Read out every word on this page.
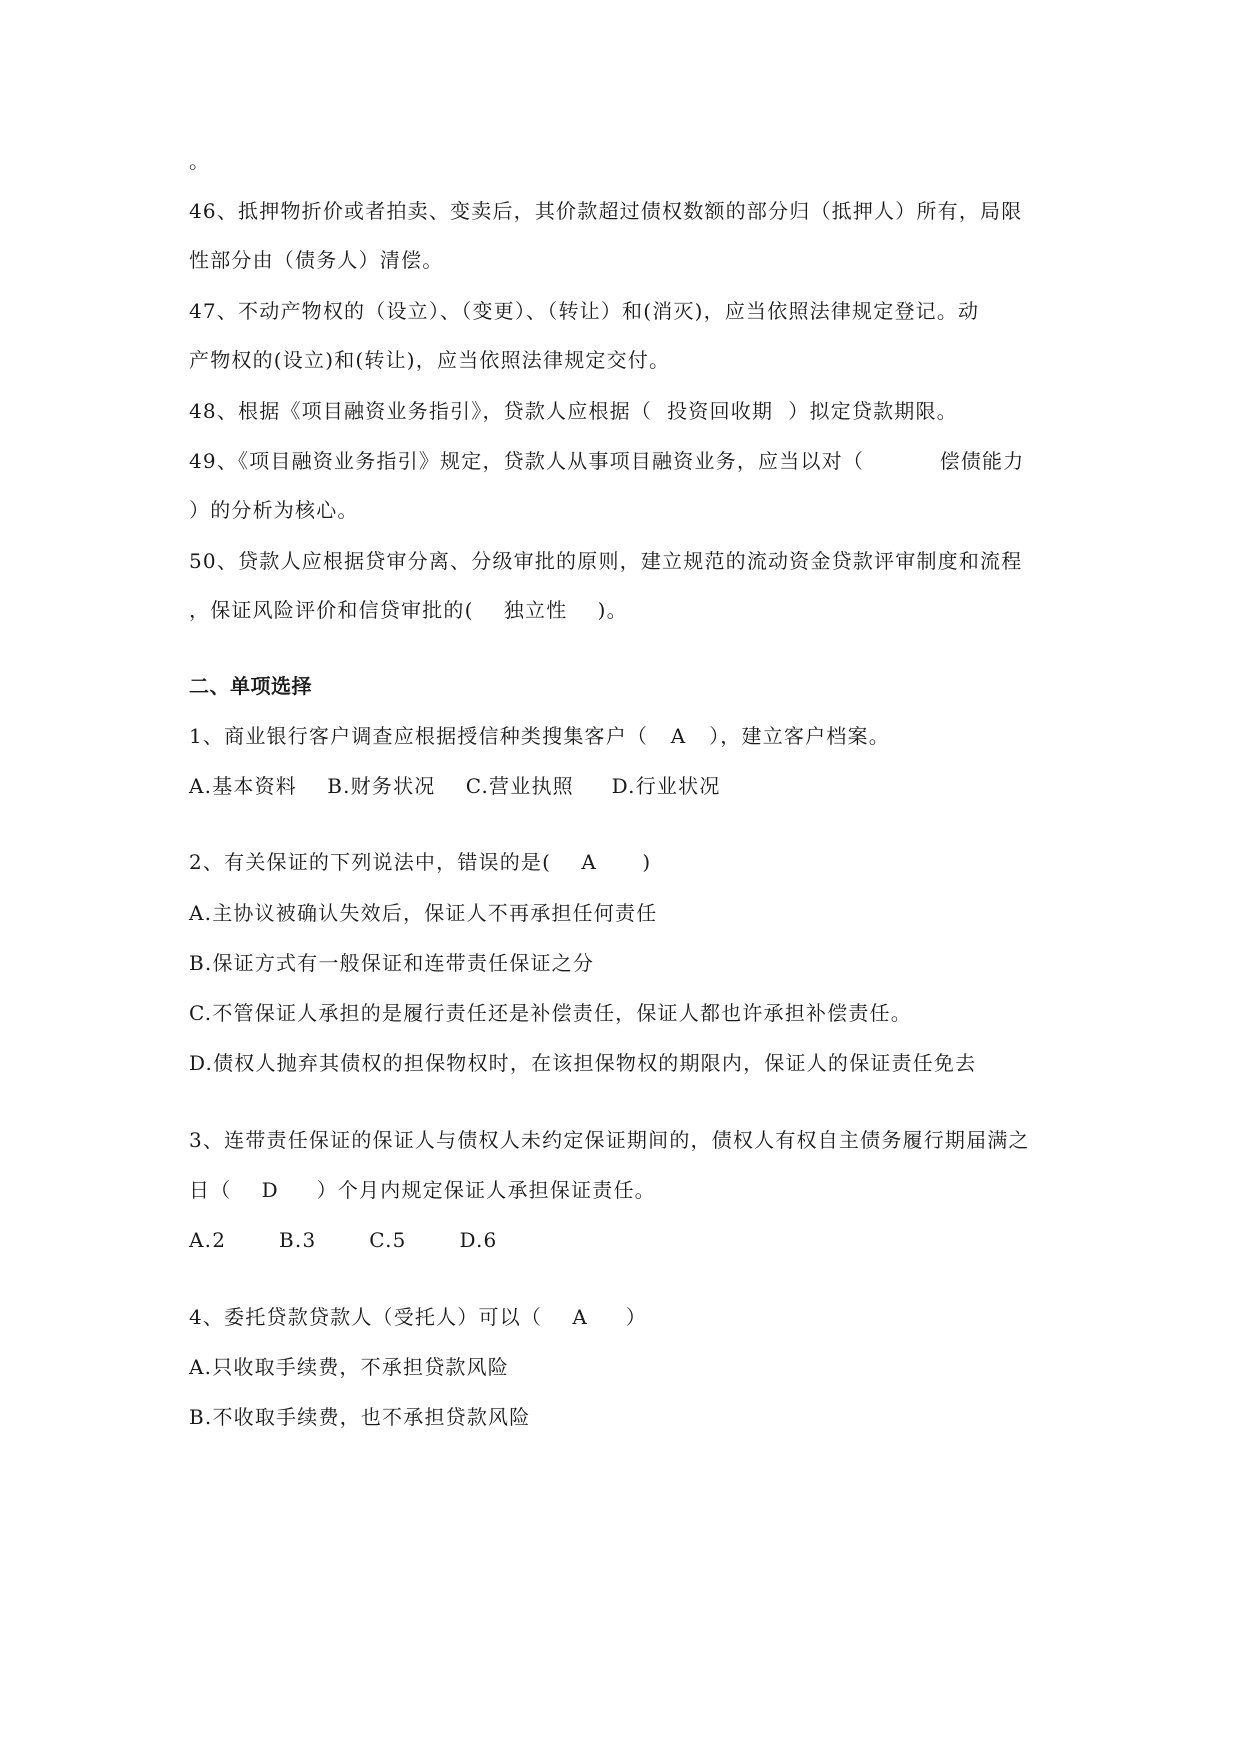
。

46、抵押物折价或者拍卖、变卖后，其价款超过债权数额的部分归（抵押人）所有，局限

性部分由（债务人）清偿。

47、不动产物权的（设立）、（变更）、（转让）和(消灭)，应当依照法律规定登记。动

产物权的(设立)和(转让)，应当依照法律规定交付。

48、根据《项目融资业务指引》，贷款人应根据（  投资回收期  ）拟定贷款期限。

49、《项目融资业务指引》规定，贷款人从事项目融资业务，应当以对（          偿债能力

）的分析为核心。

50、贷款人应根据贷审分离、分级审批的原则，建立规范的流动资金贷款评审制度和流程

，保证风险评价和信贷审批的(    独立性    )。

二、单项选择

1、商业银行客户调查应根据授信种类搜集客户（   A   ），建立客户档案。

A.基本资料    B.财务状况    C.营业执照     D.行业状况

2、有关保证的下列说法中，错误的是(    A      )

A.主协议被确认失效后，保证人不再承担任何责任

B.保证方式有一般保证和连带责任保证之分

C.不管保证人承担的是履行责任还是补偿责任，保证人都也许承担补偿责任。

D.债权人抛弃其债权的担保物权时，在该担保物权的期限内，保证人的保证责任免去

3、连带责任保证的保证人与债权人未约定保证期间的，债权人有权自主债务履行期届满之

日（    D     ）个月内规定保证人承担保证责任。

A.2       B.3       C.5       D.6

4、委托贷款贷款人（受托人）可以（    A     ）

A.只收取手续费，不承担贷款风险

B.不收取手续费，也不承担贷款风险
